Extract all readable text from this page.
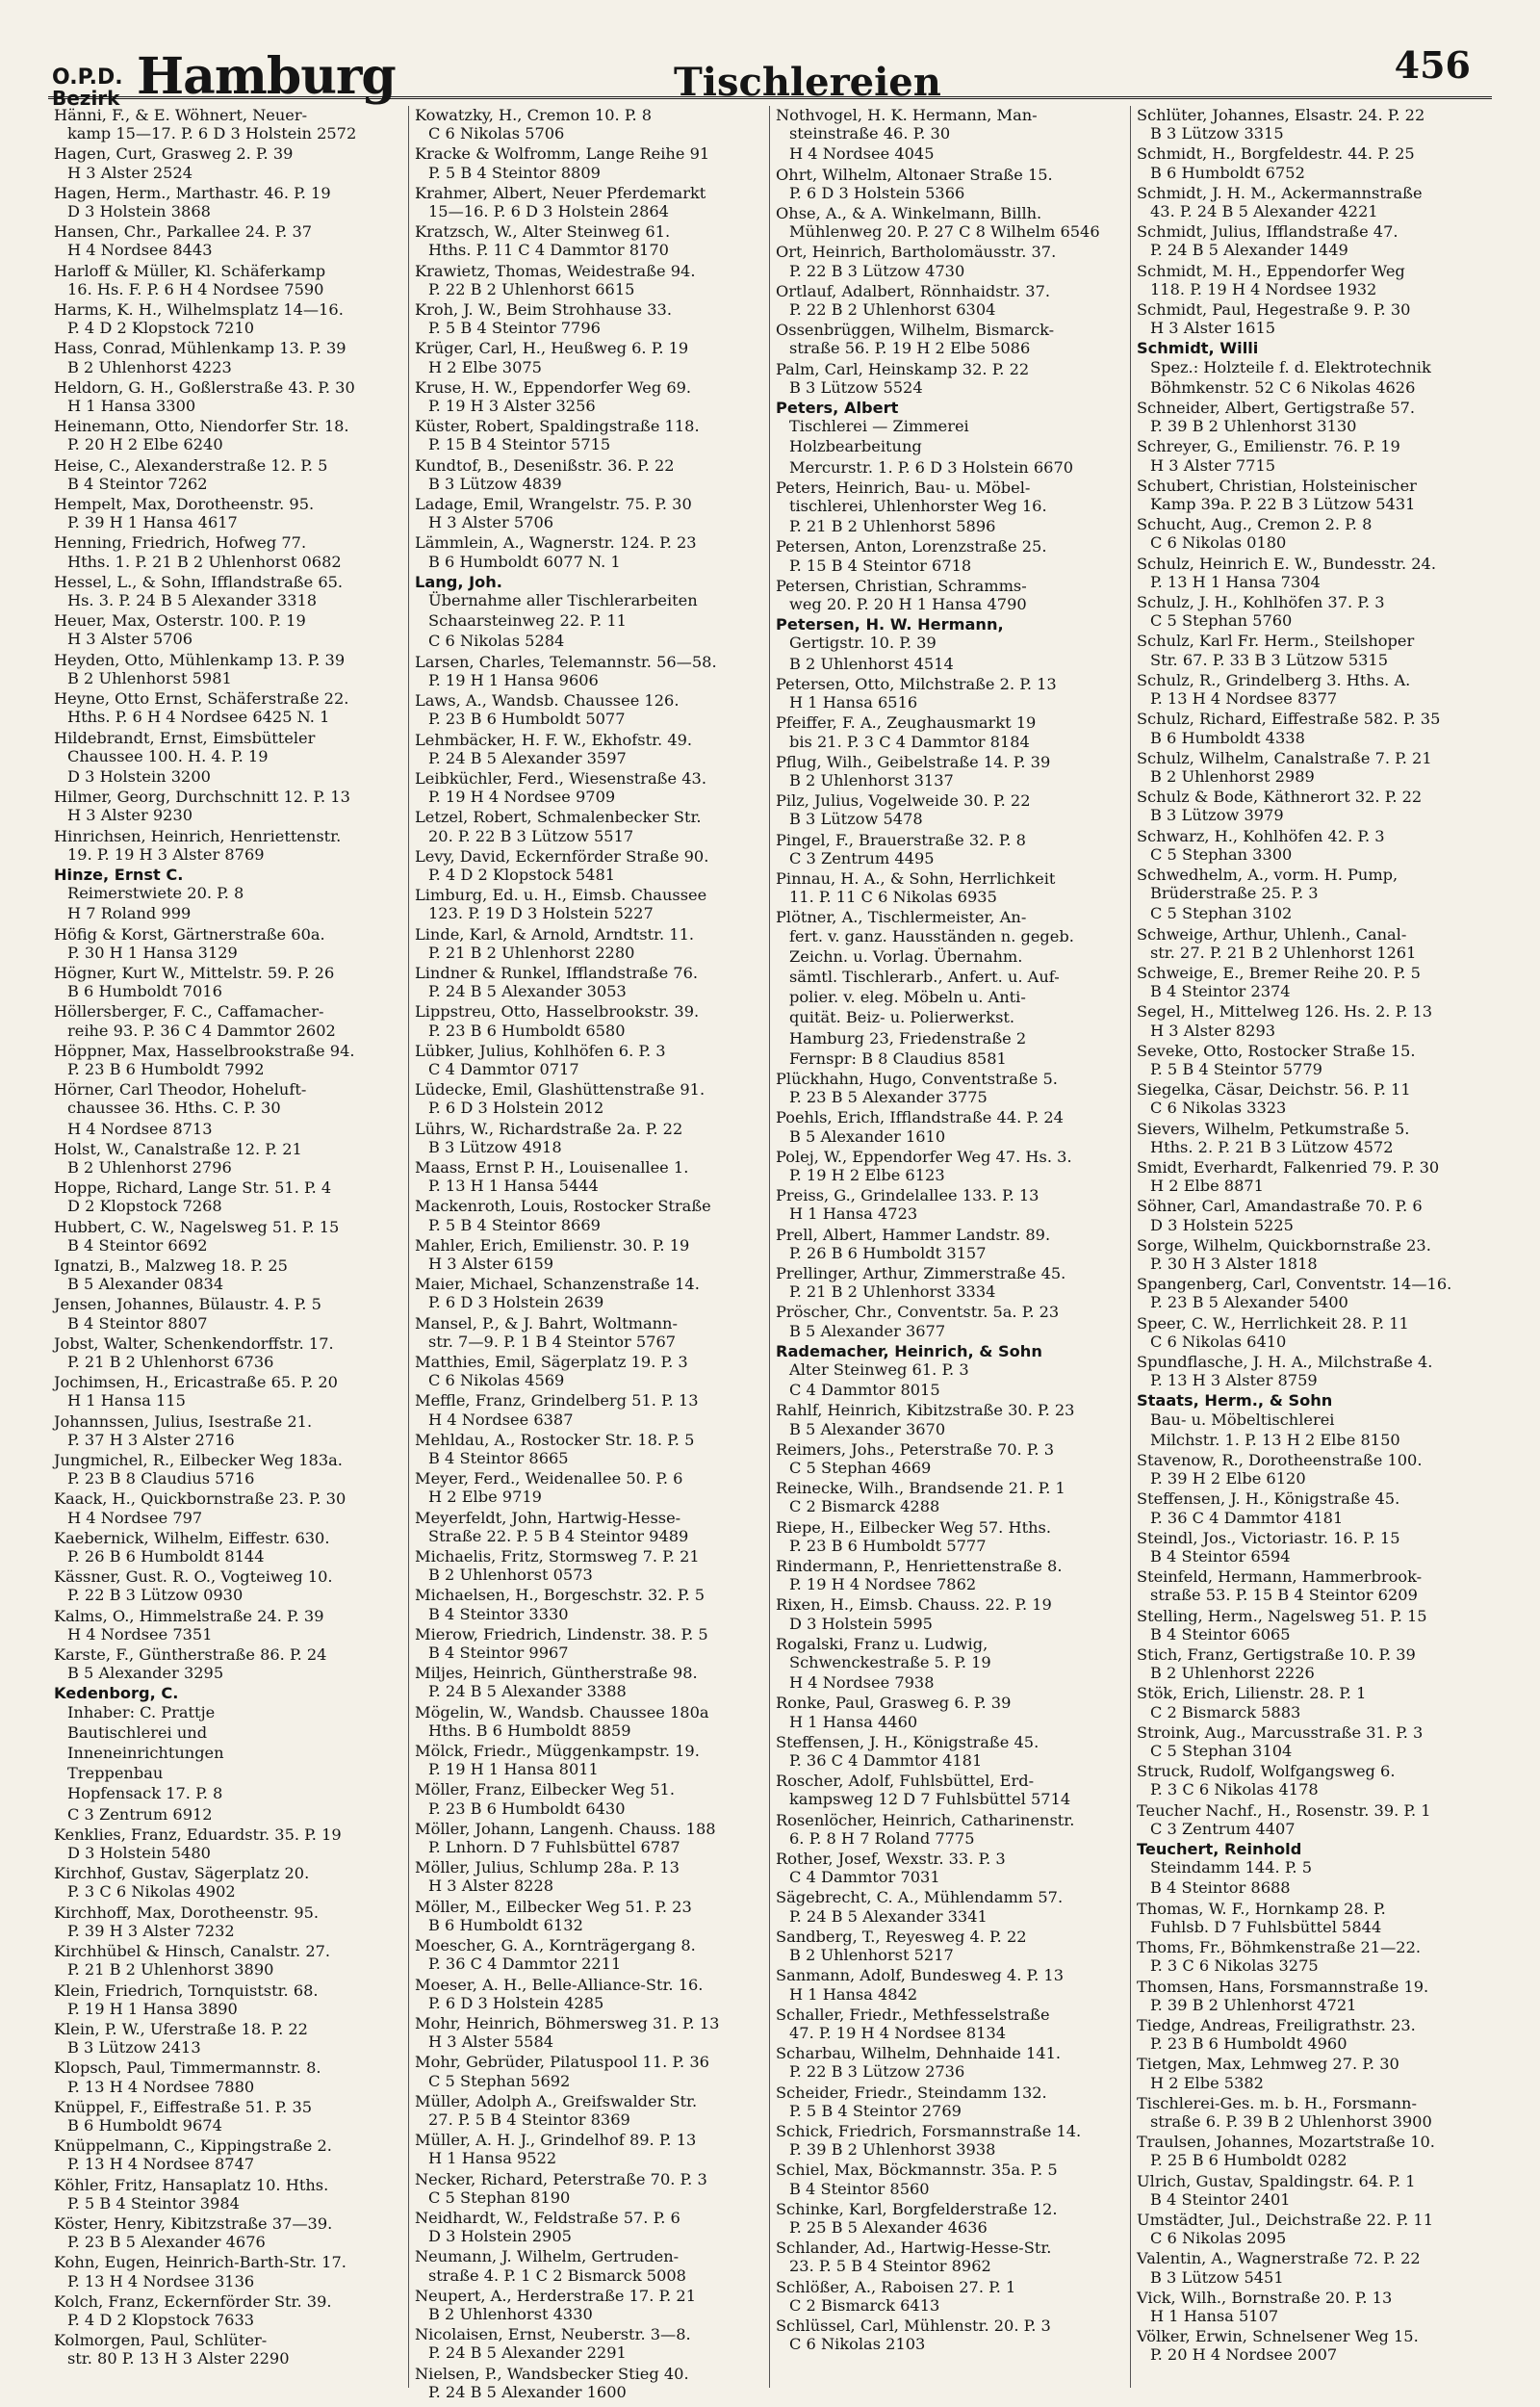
O.P.D.
Bezirk Hamburg	Tischlereien	456
Hänni, F., & E. Wöhnert, Neuer-
kamp 15—17. P. 6 D 3 Holstein 2572
Hagen, Curt, Grasweg 2. P. 39
H 3 Alster 2524
Hagen, Herm., Marthastr. 46. P. 19
D 3 Holstein 3868
Hansen, Chr., Parkallee 24. P. 37
H 4 Nordsee 8443
Harloff & Müller, Kl. Schäferkamp
16. Hs. F. P. 6 H 4 Nordsee 7590
Harms, K. H., Wilhelmsplatz 14—16.
P. 4 D 2 Klopstock 7210
Hass, Conrad, Mühlenkamp 13. P. 39
B 2 Uhlenhorst 4223
Heldorn, G. H., Goßlerstraße 43. P. 30
H 1 Hansa 3300
Heinemann, Otto, Niendorfer Str. 18.
P. 20 H 2 Elbe 6240
Heise, C., Alexanderstraße 12. P. 5
B 4 Steintor 7262
Hempelt, Max, Dorotheenstr. 95.
P. 39 H 1 Hansa 4617
Henning, Friedrich, Hofweg 77.
Hths. 1. P. 21 B 2 Uhlenhorst 0682
Hessel, L., & Sohn, Ifflandstraße 65.
Hs. 3. P. 24 B 5 Alexander 3318
Heuer, Max, Osterstr. 100. P. 19
H 3 Alster 5706
Heyden, Otto, Mühlenkamp 13. P. 39
B 2 Uhlenhorst 5981
Heyne, Otto Ernst, Schäferstraße 22.
Hths. P. 6 H 4 Nordsee 6425 N. 1
Hildebrandt, Ernst, Eimsbütteler
Chaussee 100. H. 4. P. 19
D 3 Holstein 3200
Hilmer, Georg, Durchschnitt 12. P. 13
H 3 Alster 9230
Hinrichsen, Heinrich, Henriettenstr.
19. P. 19 H 3 Alster 8769
Hinze, Ernst C.
Reimerstwiete 20. P. 8
H 7 Roland 999
Höfig & Korst, Gärtnerstraße 60a.
P. 30 H 1 Hansa 3129
Högner, Kurt W., Mittelstr. 59. P. 26
B 6 Humboldt 7016
Höllersberger, F. C., Caffamacher-
reihe 93. P. 36 C 4 Dammtor 2602
Höppner, Max, Hasselbrookstraße 94.
P. 23 B 6 Humboldt 7992
Hörner, Carl Theodor, Hoheluft-
chaussee 36. Hths. C. P. 30
H 4 Nordsee 8713
Holst, W., Canalstraße 12. P. 21
B 2 Uhlenhorst 2796
Hoppe, Richard, Lange Str. 51. P. 4
D 2 Klopstock 7268
Hubbert, C. W., Nagelsweg 51. P. 15
B 4 Steintor 6692
Ignatzi, B., Malzweg 18. P. 25
B 5 Alexander 0834
Jensen, Johannes, Bülaustr. 4. P. 5
B 4 Steintor 8807
Jobst, Walter, Schenkendorffstr. 17.
P. 21 B 2 Uhlenhorst 6736
Jochimsen, H., Ericastraße 65. P. 20
H 1 Hansa 115
Johannssen, Julius, Isestraße 21.
P. 37 H 3 Alster 2716
Jungmichel, R., Eilbecker Weg 183a.
P. 23 B 8 Claudius 5716
Kaack, H., Quickbornstraße 23. P. 30
H 4 Nordsee 797
Kaebernick, Wilhelm, Eiffestr. 630.
P. 26 B 6 Humboldt 8144
Kässner, Gust. R. O., Vogteiweg 10.
P. 22 B 3 Lützow 0930
Kalms, O., Himmelstraße 24. P. 39
H 4 Nordsee 7351
Karste, F., Güntherstraße 86. P. 24
B 5 Alexander 3295
Kedenborg, C.
Inhaber: C. Prattje
Bautischlerei und
Inneneinrichtungen
Treppenbau
Hopfensack 17. P. 8
C 3 Zentrum 6912
Kenklies, Franz, Eduardstr. 35. P. 19
D 3 Holstein 5480
Kirchhof, Gustav, Sägerplatz 20.
P. 3 C 6 Nikolas 4902
Kirchhoff, Max, Dorotheenstr. 95.
P. 39 H 3 Alster 7232
Kirchhübel & Hinsch, Canalstr. 27.
P. 21 B 2 Uhlenhorst 3890
Klein, Friedrich, Tornquiststr. 68.
P. 19 H 1 Hansa 3890
Klein, P. W., Uferstraße 18. P. 22
B 3 Lützow 2413
Klopsch, Paul, Timmermannstr. 8.
P. 13 H 4 Nordsee 7880
Knüppel, F., Eiffestraße 51. P. 35
B 6 Humboldt 9674
Knüppelmann, C., Kippingstraße 2.
P. 13 H 4 Nordsee 8747
Köhler, Fritz, Hansaplatz 10. Hths.
P. 5 B 4 Steintor 3984
Köster, Henry, Kibitzstraße 37—39.
P. 23 B 5 Alexander 4676
Kohn, Eugen, Heinrich-Barth-Str. 17.
P. 13 H 4 Nordsee 3136
Kolch, Franz, Eckernförder Str. 39.
P. 4 D 2 Klopstock 7633
Kolmorgen, Paul, Schlüter-
str. 80 P. 13 H 3 Alster 2290
Kowatzky, H., Cremon 10. P. 8
C 6 Nikolas 5706
Kracke & Wolfromm, Lange Reihe 91
P. 5 B 4 Steintor 8809
Krahmer, Albert, Neuer Pferdemarkt
15—16. P. 6 D 3 Holstein 2864
Kratzsch, W., Alter Steinweg 61.
Hths. P. 11 C 4 Dammtor 8170
Krawietz, Thomas, Weidestraße 94.
P. 22 B 2 Uhlenhorst 6615
Kroh, J. W., Beim Strohhause 33.
P. 5 B 4 Steintor 7796
Krüger, Carl, H., Heußweg 6. P. 19
H 2 Elbe 3075
Kruse, H. W., Eppendorfer Weg 69.
P. 19 H 3 Alster 3256
Küster, Robert, Spaldingstraße 118.
P. 15 B 4 Steintor 5715
Kundtof, B., Desenißstr. 36. P. 22
B 3 Lützow 4839
Ladage, Emil, Wrangelstr. 75. P. 30
H 3 Alster 5706
Lämmlein, A., Wagnerstr. 124. P. 23
B 6 Humboldt 6077 N. 1
Lang, Joh.
Übernahme aller Tischlerarbeiten
Schaarsteinweg 22. P. 11
C 6 Nikolas 5284
Larsen, Charles, Telemannstr. 56—58.
P. 19 H 1 Hansa 9606
Laws, A., Wandsb. Chaussee 126.
P. 23 B 6 Humboldt 5077
Lehmbäcker, H. F. W., Ekhofstr. 49.
P. 24 B 5 Alexander 3597
Leibküchler, Ferd., Wiesenstraße 43.
P. 19 H 4 Nordsee 9709
Letzel, Robert, Schmalenbecker Str.
20. P. 22 B 3 Lützow 5517
Levy, David, Eckernförder Straße 90.
P. 4 D 2 Klopstock 5481
Limburg, Ed. u. H., Eimsb. Chaussee
123. P. 19 D 3 Holstein 5227
Linde, Karl, & Arnold, Arndtstr. 11.
P. 21 B 2 Uhlenhorst 2280
Lindner & Runkel, Ifflandstraße 76.
P. 24 B 5 Alexander 3053
Lippstreu, Otto, Hasselbrookstr. 39.
P. 23 B 6 Humboldt 6580
Lübker, Julius, Kohlhöfen 6. P. 3
C 4 Dammtor 0717
Lüdecke, Emil, Glashüttenstraße 91.
P. 6 D 3 Holstein 2012
Lührs, W., Richardstraße 2a. P. 22
B 3 Lützow 4918
Maass, Ernst P. H., Louisenallee 1.
P. 13 H 1 Hansa 5444
Mackenroth, Louis, Rostocker Straße
P. 5 B 4 Steintor 8669
Mahler, Erich, Emilienstr. 30. P. 19
H 3 Alster 6159
Maier, Michael, Schanzenstraße 14.
P. 6 D 3 Holstein 2639
Mansel, P., & J. Bahrt, Woltmann-
str. 7—9. P. 1 B 4 Steintor 5767
Matthies, Emil, Sägerplatz 19. P. 3
C 6 Nikolas 4569
Meffle, Franz, Grindelberg 51. P. 13
H 4 Nordsee 6387
Mehldau, A., Rostocker Str. 18. P. 5
B 4 Steintor 8665
Meyer, Ferd., Weidenallee 50. P. 6
H 2 Elbe 9719
Meyerfeldt, John, Hartwig-Hesse-
Straße 22. P. 5 B 4 Steintor 9489
Michaelis, Fritz, Stormsweg 7. P. 21
B 2 Uhlenhorst 0573
Michaelsen, H., Borgeschstr. 32. P. 5
B 4 Steintor 3330
Mierow, Friedrich, Lindenstr. 38. P. 5
B 4 Steintor 9967
Miljes, Heinrich, Güntherstraße 98.
P. 24 B 5 Alexander 3388
Mögelin, W., Wandsb. Chaussee 180a
Hths. B 6 Humboldt 8859
Mölck, Friedr., Müggenkampstr. 19.
P. 19 H 1 Hansa 8011
Möller, Franz, Eilbecker Weg 51.
P. 23 B 6 Humboldt 6430
Möller, Johann, Langenh. Chauss. 188
P. Lnhorn. D 7 Fuhlsbüttel 6787
Möller, Julius, Schlump 28a. P. 13
H 3 Alster 8228
Möller, M., Eilbecker Weg 51. P. 23
B 6 Humboldt 6132
Moescher, G. A., Kornträgergang 8.
P. 36 C 4 Dammtor 2211
Moeser, A. H., Belle-Alliance-Str. 16.
P. 6 D 3 Holstein 4285
Mohr, Heinrich, Böhmersweg 31. P. 13
H 3 Alster 5584
Mohr, Gebrüder, Pilatuspool 11. P. 36
C 5 Stephan 5692
Müller, Adolph A., Greifswalder Str.
27. P. 5 B 4 Steintor 8369
Müller, A. H. J., Grindelhof 89. P. 13
H 1 Hansa 9522
Necker, Richard, Peterstraße 70. P. 3
C 5 Stephan 8190
Neidhardt, W., Feldstraße 57. P. 6
D 3 Holstein 2905
Neumann, J. Wilhelm, Gertruden-
straße 4. P. 1 C 2 Bismarck 5008
Neupert, A., Herderstraße 17. P. 21
B 2 Uhlenhorst 4330
Nicolaisen, Ernst, Neuberstr. 3—8.
P. 24 B 5 Alexander 2291
Nielsen, P., Wandsbecker Stieg 40.
P. 24 B 5 Alexander 1600
Nothvogel, H. K. Hermann, Man-
steinstraße 46. P. 30
H 4 Nordsee 4045
Ohrt, Wilhelm, Altonaer Straße 15.
P. 6 D 3 Holstein 5366
Ohse, A., & A. Winkelmann, Billh.
Mühlenweg 20. P. 27 C 8 Wilhelm 6546
Ort, Heinrich, Bartholomäusstr. 37.
P. 22 B 3 Lützow 4730
Ortlauf, Adalbert, Rönnhaidstr. 37.
P. 22 B 2 Uhlenhorst 6304
Ossenbrüggen, Wilhelm, Bismarck-
straße 56. P. 19 H 2 Elbe 5086
Palm, Carl, Heinskamp 32. P. 22
B 3 Lützow 5524
Peters, Albert
Tischlerei — Zimmerei
Holzbearbeitung
Mercurstr. 1. P. 6 D 3 Holstein 6670
Peters, Heinrich, Bau- u. Möbel-
tischlerei, Uhlenhorster Weg 16.
P. 21 B 2 Uhlenhorst 5896
Petersen, Anton, Lorenzstraße 25.
P. 15 B 4 Steintor 6718
Petersen, Christian, Schramms-
weg 20. P. 20 H 1 Hansa 4790
Petersen, H. W. Hermann,
Gertigstr. 10. P. 39
B 2 Uhlenhorst 4514
Petersen, Otto, Milchstraße 2. P. 13
H 1 Hansa 6516
Pfeiffer, F. A., Zeughausmarkt 19
bis 21. P. 3 C 4 Dammtor 8184
Pflug, Wilh., Geibelstraße 14. P. 39
B 2 Uhlenhorst 3137
Pilz, Julius, Vogelweide 30. P. 22
B 3 Lützow 5478
Pingel, F., Brauerstraße 32. P. 8
C 3 Zentrum 4495
Pinnau, H. A., & Sohn, Herrlichkeit
11. P. 11 C 6 Nikolas 6935
Plötner, A., Tischlermeister, An-
fert. v. ganz. Hausständen n. gegeb.
Zeichn. u. Vorlag. Übernahm.
sämtl. Tischlerarb., Anfert. u. Auf-
polier. v. eleg. Möbeln u. Anti-
quität. Beiz- u. Polierwerkst.
Hamburg 23, Friedenstraße 2
Fernspr: B 8 Claudius 8581
Plückhahn, Hugo, Conventstraße 5.
P. 23 B 5 Alexander 3775
Poehls, Erich, Ifflandstraße 44. P. 24
B 5 Alexander 1610
Polej, W., Eppendorfer Weg 47. Hs. 3.
P. 19 H 2 Elbe 6123
Preiss, G., Grindelallee 133. P. 13
H 1 Hansa 4723
Prell, Albert, Hammer Landstr. 89.
P. 26 B 6 Humboldt 3157
Prellinger, Arthur, Zimmerstraße 45.
P. 21 B 2 Uhlenhorst 3334
Pröscher, Chr., Conventstr. 5a. P. 23
B 5 Alexander 3677
Rademacher, Heinrich, & Sohn
Alter Steinweg 61. P. 3
C 4 Dammtor 8015
Rahlf, Heinrich, Kibitzstraße 30. P. 23
B 5 Alexander 3670
Reimers, Johs., Peterstraße 70. P. 3
C 5 Stephan 4669
Reinecke, Wilh., Brandsende 21. P. 1
C 2 Bismarck 4288
Riepe, H., Eilbecker Weg 57. Hths.
P. 23 B 6 Humboldt 5777
Rindermann, P., Henriettenstraße 8.
P. 19 H 4 Nordsee 7862
Rixen, H., Eimsb. Chauss. 22. P. 19
D 3 Holstein 5995
Rogalski, Franz u. Ludwig,
Schwenckestraße 5. P. 19
H 4 Nordsee 7938
Ronke, Paul, Grasweg 6. P. 39
H 1 Hansa 4460
Steffensen, J. H., Königstraße 45.
P. 36 C 4 Dammtor 4181
Roscher, Adolf, Fuhlsbüttel, Erd-
kampsweg 12 D 7 Fuhlsbüttel 5714
Rosenlöcher, Heinrich, Catharinenstr.
6. P. 8 H 7 Roland 7775
Rother, Josef, Wexstr. 33. P. 3
C 4 Dammtor 7031
Sägebrecht, C. A., Mühlendamm 57.
P. 24 B 5 Alexander 3341
Sandberg, T., Reyesweg 4. P. 22
B 2 Uhlenhorst 5217
Sanmann, Adolf, Bundesweg 4. P. 13
H 1 Hansa 4842
Schaller, Friedr., Methfesselstraße
47. P. 19 H 4 Nordsee 8134
Scharbau, Wilhelm, Dehnhaide 141.
P. 22 B 3 Lützow 2736
Scheider, Friedr., Steindamm 132.
P. 5 B 4 Steintor 2769
Schick, Friedrich, Forsmannstraße 14.
P. 39 B 2 Uhlenhorst 3938
Schiel, Max, Böckmannstr. 35a. P. 5
B 4 Steintor 8560
Schinke, Karl, Borgfelderstraße 12.
P. 25 B 5 Alexander 4636
Schlander, Ad., Hartwig-Hesse-Str.
23. P. 5 B 4 Steintor 8962
Schlößer, A., Raboisen 27. P. 1
C 2 Bismarck 6413
Schlüssel, Carl, Mühlenstr. 20. P. 3
C 6 Nikolas 2103
Schlüter, Johannes, Elsastr. 24. P. 22
B 3 Lützow 3315
Schmidt, H., Borgfeldestr. 44. P. 25
B 6 Humboldt 6752
Schmidt, J. H. M., Ackermannstraße
43. P. 24 B 5 Alexander 4221
Schmidt, Julius, Ifflandstraße 47.
P. 24 B 5 Alexander 1449
Schmidt, M. H., Eppendorfer Weg
118. P. 19 H 4 Nordsee 1932
Schmidt, Paul, Hegestraße 9. P. 30
H 3 Alster 1615
Schmidt, Willi
Spez.: Holzteile f. d. Elektrotechnik
Böhmkenstr. 52 C 6 Nikolas 4626
Schneider, Albert, Gertigstraße 57.
P. 39 B 2 Uhlenhorst 3130
Schreyer, G., Emilienstr. 76. P. 19
H 3 Alster 7715
Schubert, Christian, Holsteinischer
Kamp 39a. P. 22 B 3 Lützow 5431
Schucht, Aug., Cremon 2. P. 8
C 6 Nikolas 0180
Schulz, Heinrich E. W., Bundesstr. 24.
P. 13 H 1 Hansa 7304
Schulz, J. H., Kohlhöfen 37. P. 3
C 5 Stephan 5760
Schulz, Karl Fr. Herm., Steilshoper
Str. 67. P. 33 B 3 Lützow 5315
Schulz, R., Grindelberg 3. Hths. A.
P. 13 H 4 Nordsee 8377
Schulz, Richard, Eiffestraße 582. P. 35
B 6 Humboldt 4338
Schulz, Wilhelm, Canalstraße 7. P. 21
B 2 Uhlenhorst 2989
Schulz & Bode, Käthnerort 32. P. 22
B 3 Lützow 3979
Schwarz, H., Kohlhöfen 42. P. 3
C 5 Stephan 3300
Schwedhelm, A., vorm. H. Pump,
Brüderstraße 25. P. 3
C 5 Stephan 3102
Schweige, Arthur, Uhlenh., Canal-
str. 27. P. 21 B 2 Uhlenhorst 1261
Schweige, E., Bremer Reihe 20. P. 5
B 4 Steintor 2374
Segel, H., Mittelweg 126. Hs. 2. P. 13
H 3 Alster 8293
Seveke, Otto, Rostocker Straße 15.
P. 5 B 4 Steintor 5779
Siegelka, Cäsar, Deichstr. 56. P. 11
C 6 Nikolas 3323
Sievers, Wilhelm, Petkumstraße 5.
Hths. 2. P. 21 B 3 Lützow 4572
Smidt, Everhardt, Falkenried 79. P. 30
H 2 Elbe 8871
Söhner, Carl, Amandastraße 70. P. 6
D 3 Holstein 5225
Sorge, Wilhelm, Quickbornstraße 23.
P. 30 H 3 Alster 1818
Spangenberg, Carl, Conventstr. 14—16.
P. 23 B 5 Alexander 5400
Speer, C. W., Herrlichkeit 28. P. 11
C 6 Nikolas 6410
Spundflasche, J. H. A., Milchstraße 4.
P. 13 H 3 Alster 8759
Staats, Herm., & Sohn
Bau- u. Möbeltischlerei
Milchstr. 1. P. 13 H 2 Elbe 8150
Stavenow, R., Dorotheenstraße 100.
P. 39 H 2 Elbe 6120
Steffensen, J. H., Königstraße 45.
P. 36 C 4 Dammtor 4181
Steindl, Jos., Victoriastr. 16. P. 15
B 4 Steintor 6594
Steinfeld, Hermann, Hammerbrook-
straße 53. P. 15 B 4 Steintor 6209
Stelling, Herm., Nagelsweg 51. P. 15
B 4 Steintor 6065
Stich, Franz, Gertigstraße 10. P. 39
B 2 Uhlenhorst 2226
Stök, Erich, Lilienstr. 28. P. 1
C 2 Bismarck 5883
Stroink, Aug., Marcusstraße 31. P. 3
C 5 Stephan 3104
Struck, Rudolf, Wolfgangsweg 6.
P. 3 C 6 Nikolas 4178
Teucher Nachf., H., Rosenstr. 39. P. 1
C 3 Zentrum 4407
Teuchert, Reinhold
Steindamm 144. P. 5
B 4 Steintor 8688
Thomas, W. F., Hornkamp 28. P.
Fuhlsb. D 7 Fuhlsbüttel 5844
Thoms, Fr., Böhmkenstraße 21—22.
P. 3 C 6 Nikolas 3275
Thomsen, Hans, Forsmannstraße 19.
P. 39 B 2 Uhlenhorst 4721
Tiedge, Andreas, Freiligrathstr. 23.
P. 23 B 6 Humboldt 4960
Tietgen, Max, Lehmweg 27. P. 30
H 2 Elbe 5382
Tischlerei-Ges. m. b. H., Forsmann-
straße 6. P. 39 B 2 Uhlenhorst 3900
Traulsen, Johannes, Mozartstraße 10.
P. 25 B 6 Humboldt 0282
Ulrich, Gustav, Spaldingstr. 64. P. 1
B 4 Steintor 2401
Umstädter, Jul., Deichstraße 22. P. 11
C 6 Nikolas 2095
Valentin, A., Wagnerstraße 72. P. 22
B 3 Lützow 5451
Vick, Wilh., Bornstraße 20. P. 13
H 1 Hansa 5107
Völker, Erwin, Schnelsener Weg 15.
P. 20 H 4 Nordsee 2007
